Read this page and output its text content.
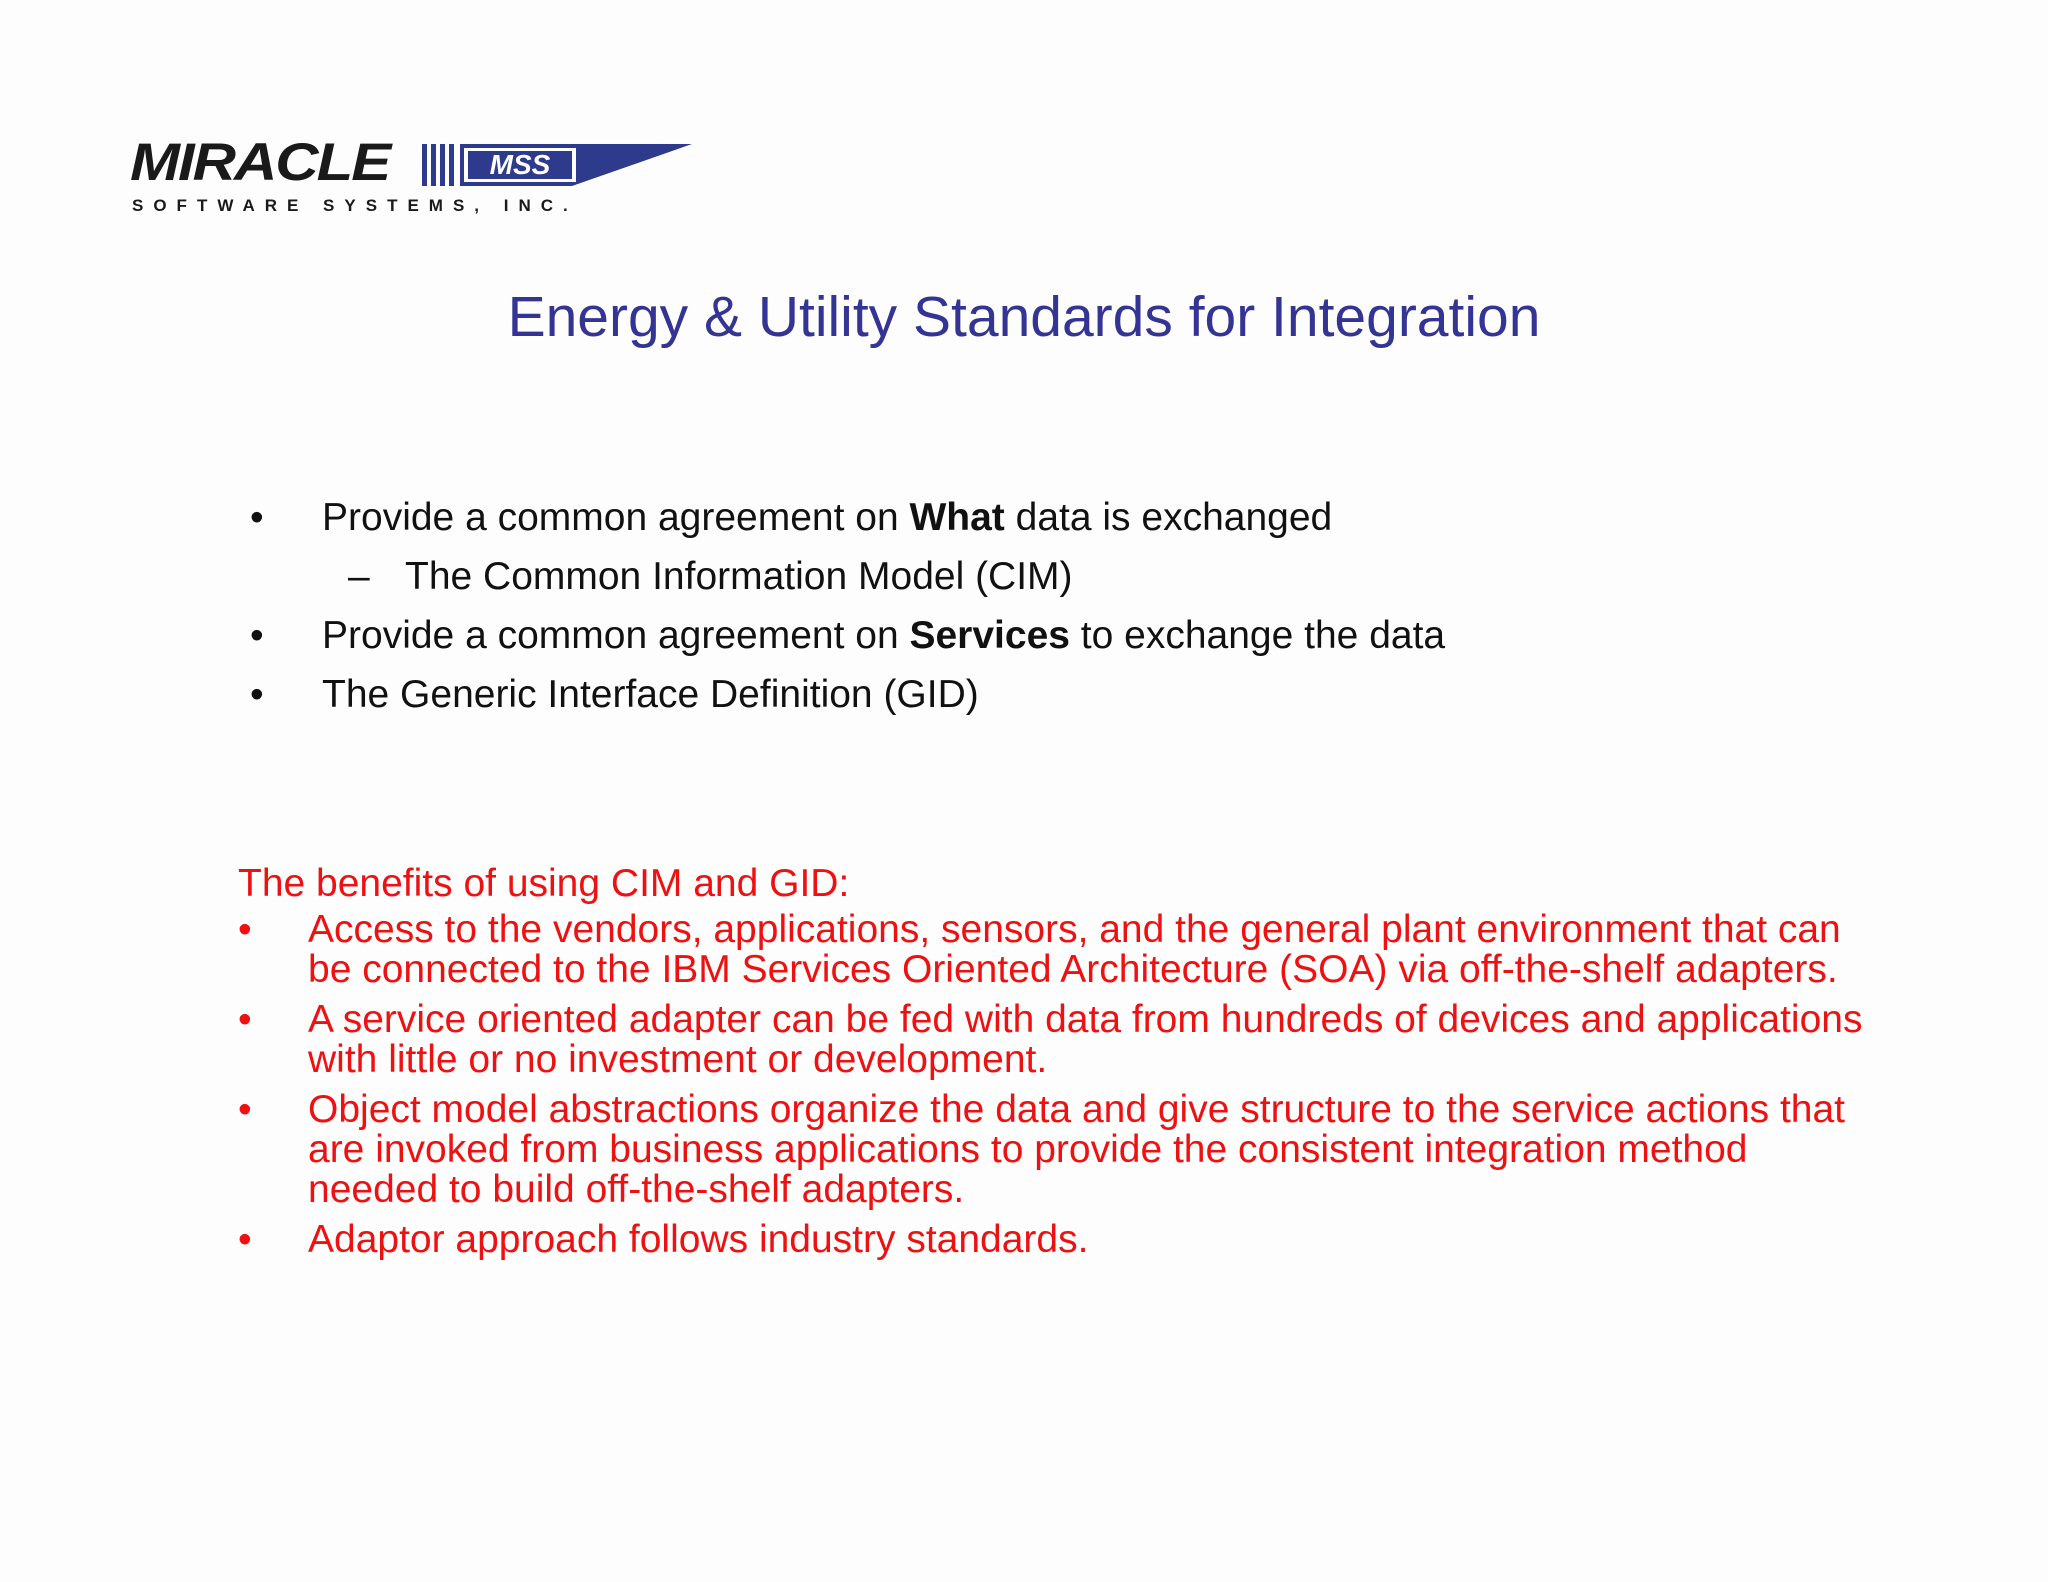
MIRACLE	MSS
SOFTWARE SYSTEMS, INC.
Energy & Utility Standards for Integration
• Provide a common agreement on What data is exchanged
– The Common Information Model (CIM)
• Provide a common agreement on Services to exchange the data
• The Generic Interface Definition (GID)
The benefits of using CIM and GID:
• Access to the vendors, applications, sensors, and the general plant environment that can be connected to the IBM Services Oriented Architecture (SOA) via off-the-shelf adapters.
• A service oriented adapter can be fed with data from hundreds of devices and applications with little or no investment or development.
• Object model abstractions organize the data and give structure to the service actions that are invoked from business applications to provide the consistent integration method needed to build off-the-shelf adapters.
• Adaptor approach follows industry standards.
